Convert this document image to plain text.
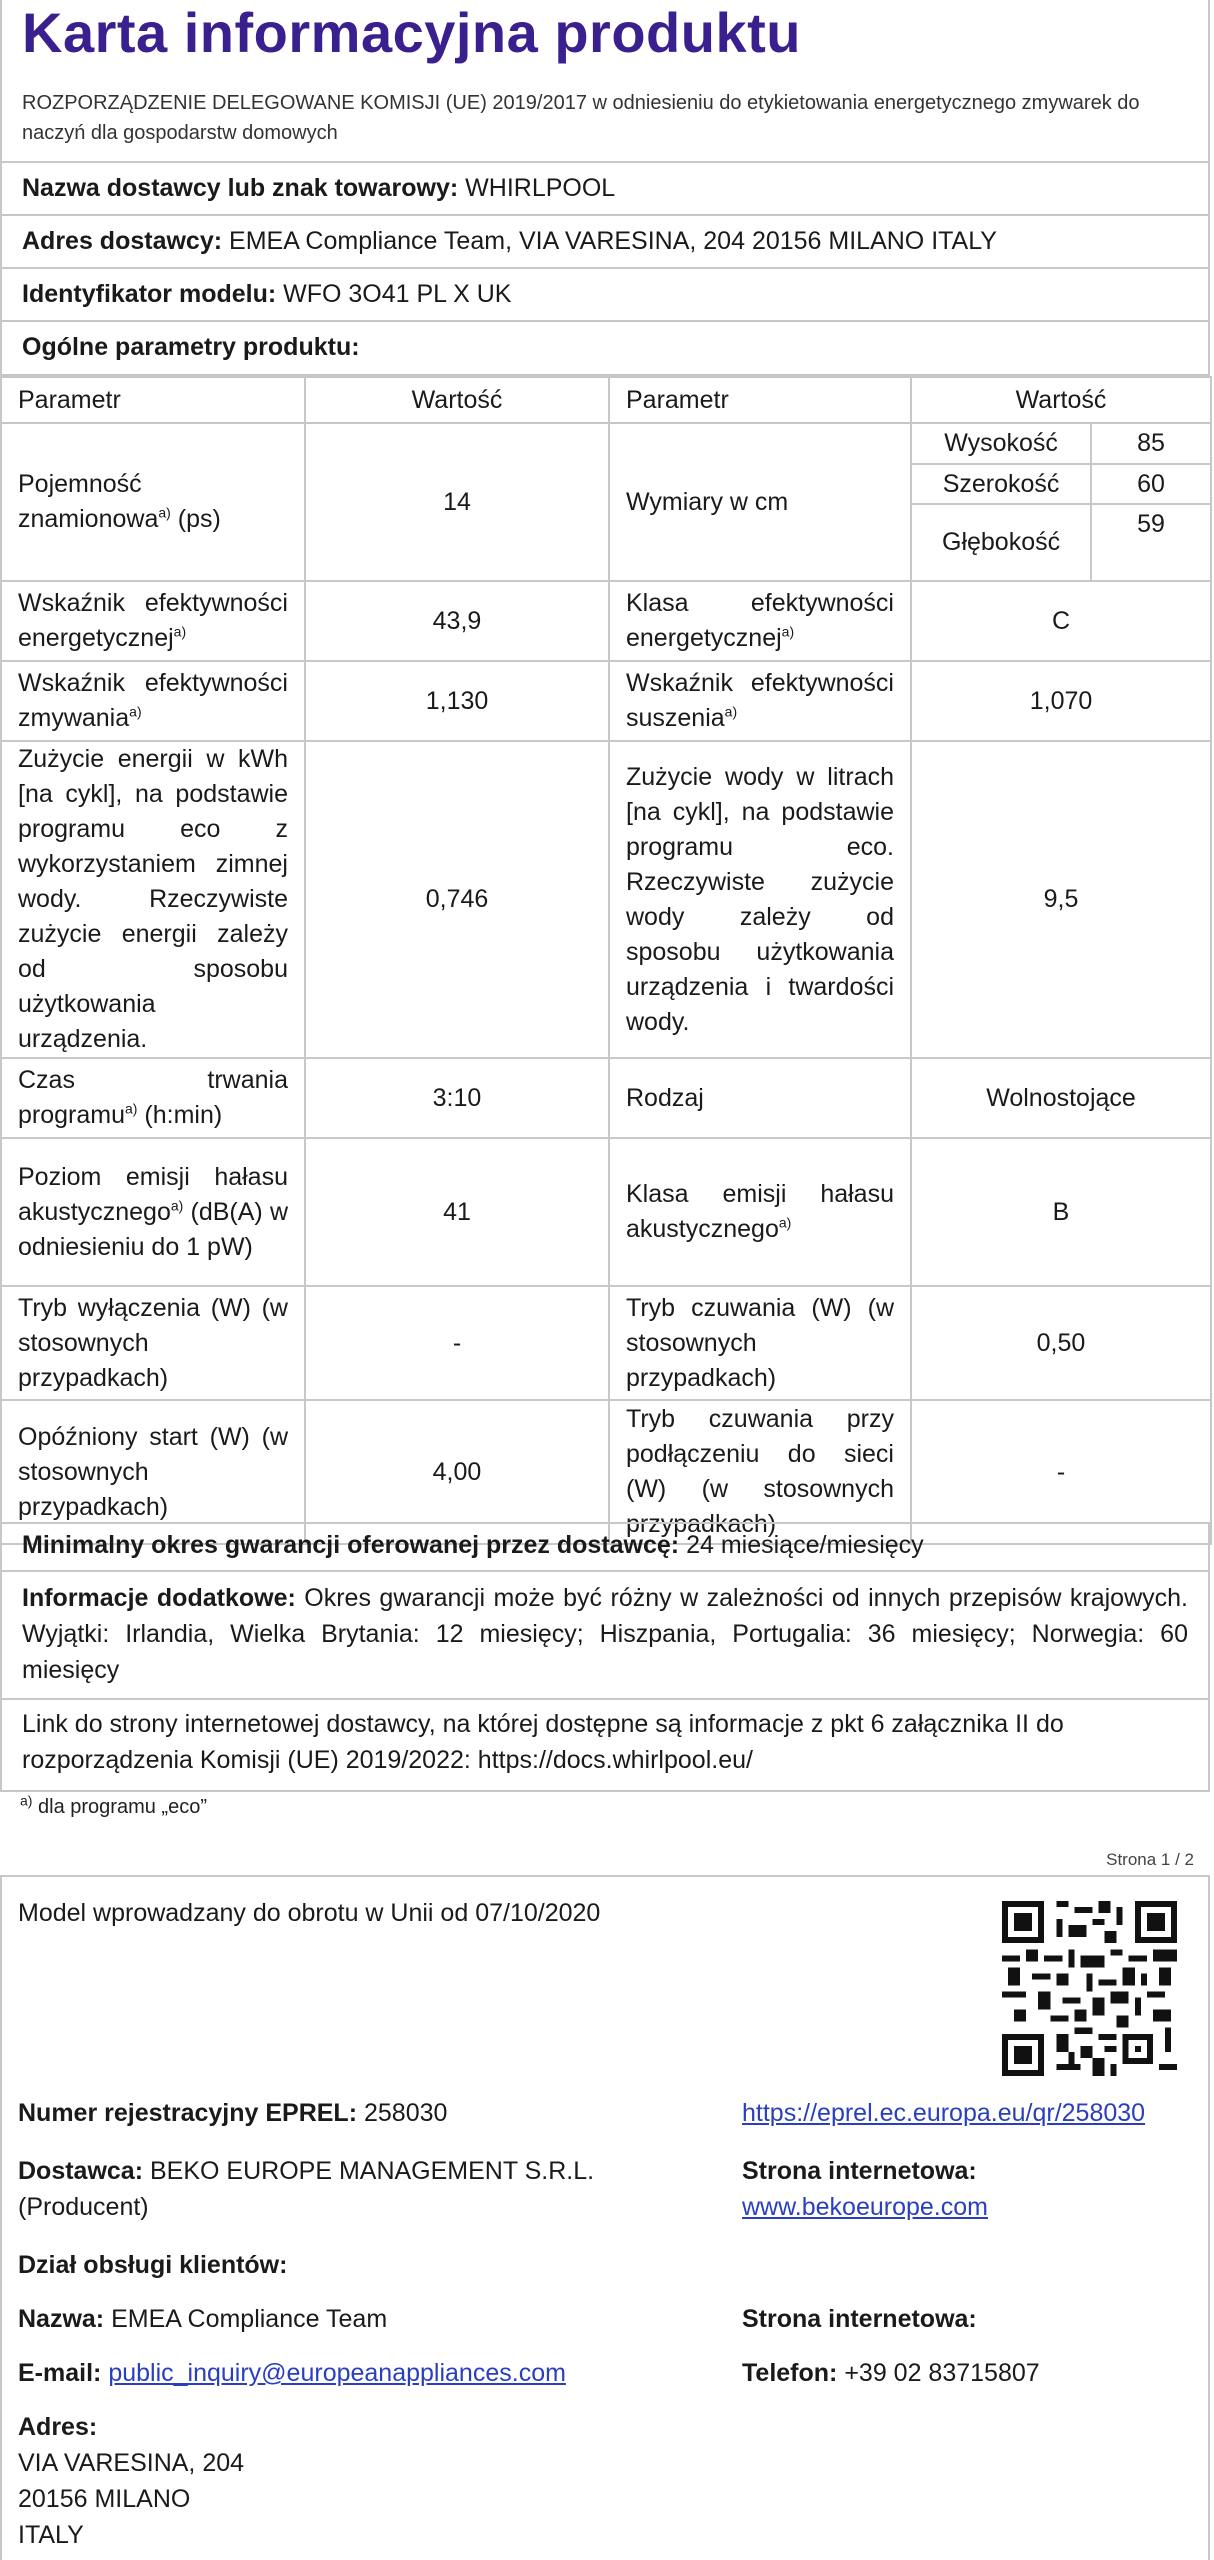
Karta informacyjna produktu
ROZPORZĄDZENIE DELEGOWANE KOMISJI (UE) 2019/2017 w odniesieniu do etykietowania energetycznego zmywarek do naczyń dla gospodarstw domowych
Nazwa dostawcy lub znak towarowy: WHIRLPOOL
Adres dostawcy: EMEA Compliance Team, VIA VARESINA, 204 20156 MILANO ITALY
Identyfikator modelu: WFO 3O41 PL X UK
Ogólne parametry produktu:
Parametr	Wartość	Parametr	Wartość
Pojemność znamionowa$^{a)}$ (ps)	14	Wymiary w cm	
Wysokość	85
Szerokość	60
Głębokość	59

Wskaźnik efektywności energetycznej$^{a)}$	43,9	Klasa efektywności energetycznej$^{a)}$	C
Wskaźnik efektywności zmywania$^{a)}$	1,130	Wskaźnik efektywności suszenia$^{a)}$	1,070
Zużycie energii w kWh [na cykl], na podstawie programu eco z wykorzystaniem zimnej wody. Rzeczywiste zużycie energii zależy od sposobu użytkowania urządzenia.	0,746	Zużycie wody w litrach [na cykl], na podstawie programu eco. Rzeczywiste zużycie wody zależy od sposobu użytkowania urządzenia i twardości wody.	9,5
Czas trwania programu$^{a)}$ (h:min)	3:10	Rodzaj	Wolnostojące
Poziom emisji hałasu akustycznego$^{a)}$ (dB(A) w odniesieniu do 1 pW)	41	Klasa emisji hałasu akustycznego$^{a)}$	B
Tryb wyłączenia (W) (w stosownych przypadkach)	-	Tryb czuwania (W) (w stosownych przypadkach)	0,50
Opóźniony start (W) (w stosownych przypadkach)	4,00	Tryb czuwania przy podłączeniu do sieci (W) (w stosownych przypadkach)	-
Minimalny okres gwarancji oferowanej przez dostawcę: 24 miesiące/miesięcy
Informacje dodatkowe: Okres gwarancji może być różny w zależności od innych przepisów krajowych. Wyjątki: Irlandia, Wielka Brytania: 12 miesięcy; Hiszpania, Portugalia: 36 miesięcy; Norwegia: 60 miesięcy
Link do strony internetowej dostawcy, na której dostępne są informacje z pkt 6 załącznika II do rozporządzenia Komisji (UE) 2019/2022: https://docs.whirlpool.eu/
$^{a)}$ dla programu „eco”
Strona 1 / 2
Model wprowadzany do obrotu w Unii od 07/10/2020
Numer rejestracyjny EPREL: 258030	https://eprel.ec.europa.eu/qr/258030
Dostawca: BEKO EUROPE MANAGEMENT S.R.L. (Producent)
Strona internetowa: www.bekoeurope.com
Dział obsługi klientów:
Nazwa: EMEA Compliance Team	Strona internetowa:
E-mail: public_inquiry@europeanappliances.com	Telefon: +39 02 83715807
Adres:
VIA VARESINA, 204
20156 MILANO
ITALY
